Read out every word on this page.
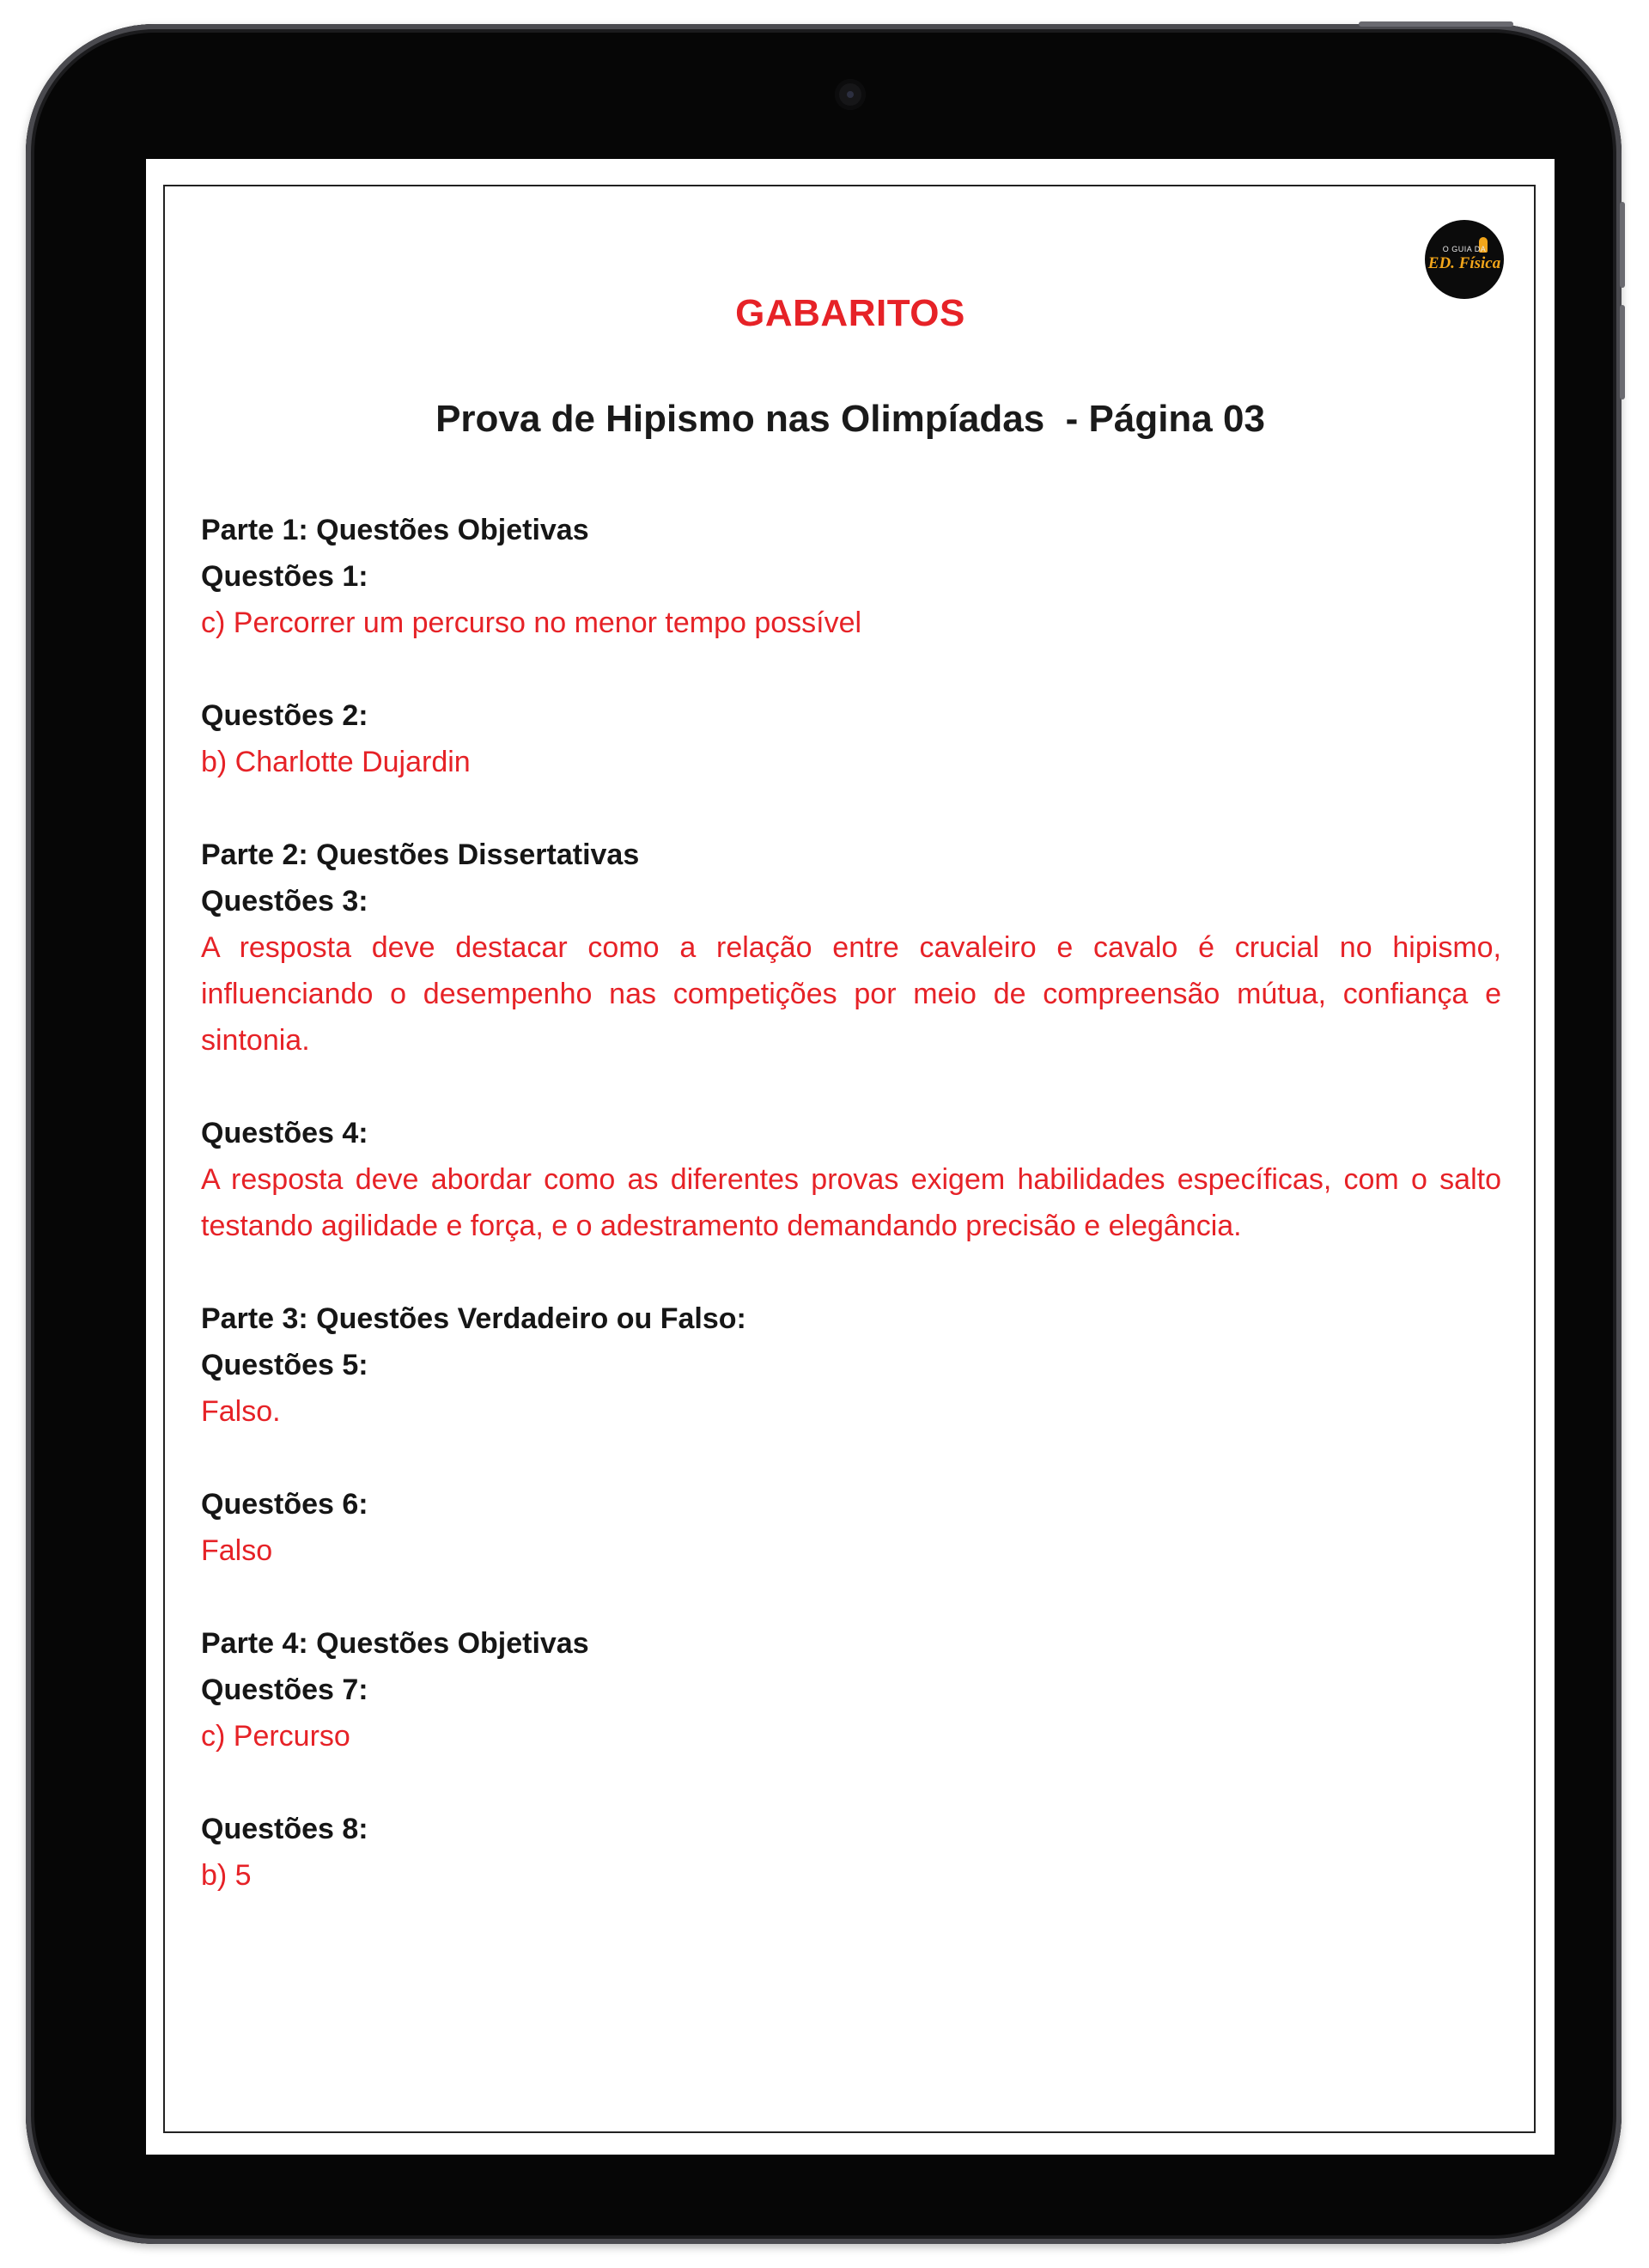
O GUIA DA
ED. Física
GABARITOS
Prova de Hipismo nas Olimpíadas  - Página 03
Parte 1: Questões Objetivas
Questões 1:
c) Percorrer um percurso no menor tempo possível
Questões 2:
b) Charlotte Dujardin
Parte 2: Questões Dissertativas
Questões 3:
A resposta deve destacar como a relação entre cavaleiro e cavalo é crucial no hipismo, influenciando o desempenho nas competições por meio de compreensão mútua, confiança e sintonia.
Questões 4:
A resposta deve abordar como as diferentes provas exigem habilidades específicas, com o salto testando agilidade e força, e o adestramento demandando precisão e elegância.
Parte 3: Questões Verdadeiro ou Falso:
Questões 5:
Falso.
Questões 6:
Falso
Parte 4: Questões Objetivas
Questões 7:
c) Percurso
Questões 8:
b) 5
